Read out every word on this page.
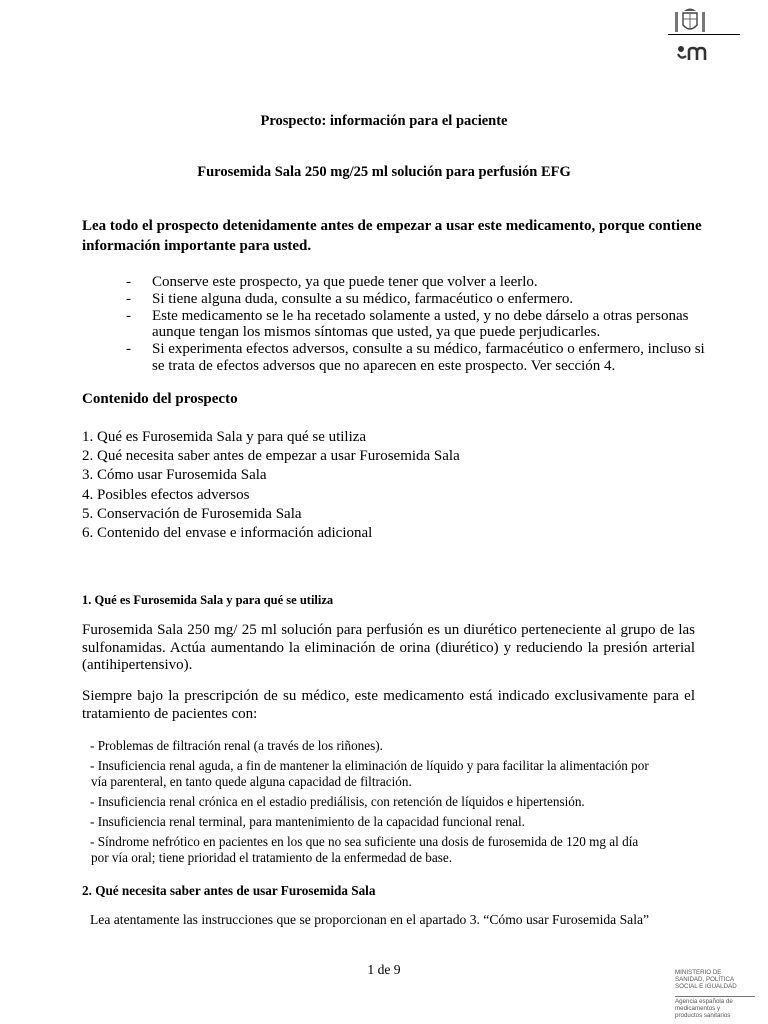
Prospecto: información para el paciente
Furosemida Sala 250 mg/25 ml solución para perfusión EFG
Lea todo el prospecto detenidamente antes de empezar a usar este medicamento, porque contiene información importante para usted.
- Conserve este prospecto, ya que puede tener que volver a leerlo.
- Si tiene alguna duda, consulte a su médico, farmacéutico o enfermero.
- Este medicamento se le ha recetado solamente a usted, y no debe dárselo a otras personas aunque tengan los mismos síntomas que usted, ya que puede perjudicarles.
- Si experimenta efectos adversos, consulte a su médico, farmacéutico o enfermero, incluso si se trata de efectos adversos que no aparecen en este prospecto. Ver sección 4.
Contenido del prospecto
1. Qué es Furosemida Sala y para qué se utiliza
2. Qué necesita saber antes de empezar a usar Furosemida Sala
3. Cómo usar Furosemida Sala
4. Posibles efectos adversos
5. Conservación de Furosemida Sala
6. Contenido del envase e información adicional
1. Qué es Furosemida Sala y para qué se utiliza
Furosemida Sala 250 mg/ 25 ml solución para perfusión es un diurético perteneciente al grupo de las sulfonamidas. Actúa aumentando la eliminación de orina (diurético) y reduciendo la presión arterial (antihipertensivo).
Siempre bajo la prescripción de su médico, este medicamento está indicado exclusivamente para el tratamiento de pacientes con:
- Problemas de filtración renal (a través de los riñones).
- Insuficiencia renal aguda, a fin de mantener la eliminación de líquido y para facilitar la alimentación por
vía parenteral, en tanto quede alguna capacidad de filtración.
- Insuficiencia renal crónica en el estadio prediálisis, con retención de líquidos e hipertensión.
- Insuficiencia renal terminal, para mantenimiento de la capacidad funcional renal.
- Síndrome nefrótico en pacientes en los que no sea suficiente una dosis de furosemida de 120 mg al día
por vía oral; tiene prioridad el tratamiento de la enfermedad de base.
2. Qué necesita saber antes de usar Furosemida Sala
Lea atentamente las instrucciones que se proporcionan en el apartado 3. “Cómo usar Furosemida Sala”
1 de 9	MINISTERIO DE
SANIDAD, POLÍTICA
SOCIAL E IGUALDAD
Agencia española de
medicamentos y
productos sanitarios
